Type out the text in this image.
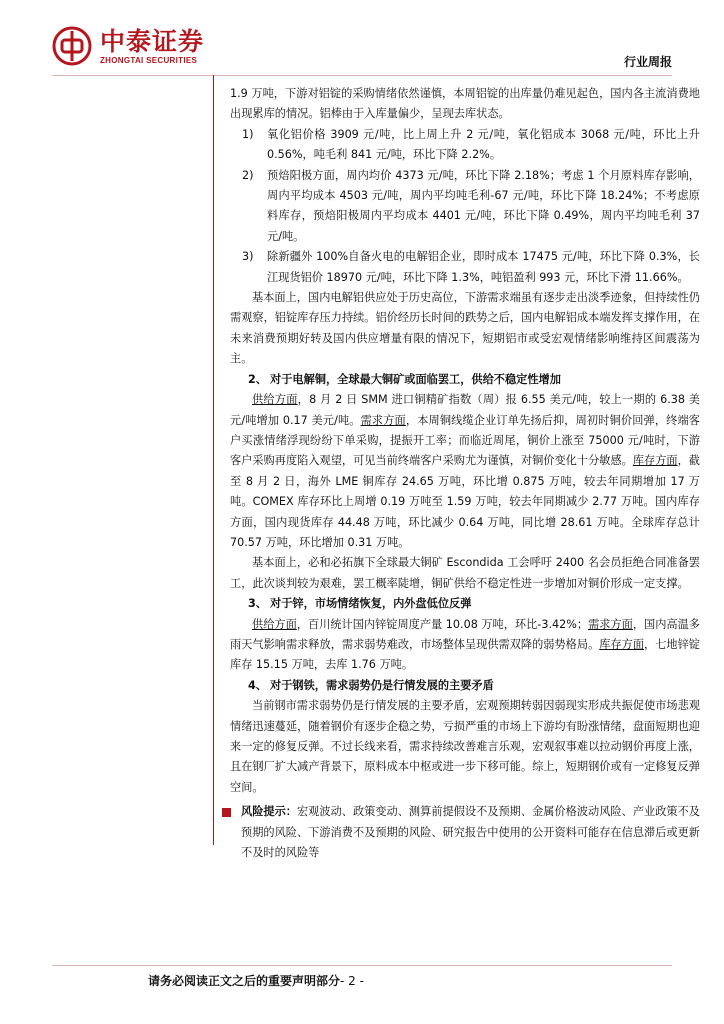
中泰证券
ZHONGTAI SECURITIES	行业周报

1.9 万吨，下游对铝锭的采购情绪依然谨慎，本周铝锭的出库量仍难见起色，国内各主流消费地出现累库的情况。铝棒由于入库量偏少，呈现去库状态。

1)	氧化铝价格 3909 元/吨，比上周上升 2 元/吨，氧化铝成本 3068 元/吨，环比上升 0.56%，吨毛利 841 元/吨，环比下降 2.2%。
2)	预焙阳极方面，周内均价 4373 元/吨，环比下降 2.18%；考虑 1 个月原料库存影响，周内平均成本 4503 元/吨，周内平均吨毛利-67 元/吨，环比下降 18.24%；不考虑原料库存，预焙阳极周内平均成本 4401 元/吨，环比下降 0.49%，周内平均吨毛利 37 元/吨。
3)	除新疆外 100%自备火电的电解铝企业，即时成本 17475 元/吨，环比下降 0.3%，长江现货铝价 18970 元/吨，环比下降 1.3%，吨铝盈利 993 元，环比下滑 11.66%。

基本面上，国内电解铝供应处于历史高位，下游需求端虽有逐步走出淡季迹象，但持续性仍需观察，铝锭库存压力持续。铝价经历长时间的跌势之后，国内电解铝成本端发挥支撑作用，在未来消费预期好转及国内供应增量有限的情况下，短期铝市或受宏观情绪影响维持区间震荡为主。

2、 对于电解铜，全球最大铜矿或面临罢工，供给不稳定性增加

供给方面，8 月 2 日 SMM 进口铜精矿指数（周）报 6.55 美元/吨，较上一期的 6.38 美元/吨增加 0.17 美元/吨。需求方面，本周铜线缆企业订单先扬后抑，周初时铜价回弹，终端客户买涨情绪浮现纷纷下单采购，提振开工率；而临近周尾，铜价上涨至 75000 元/吨时，下游客户采购再度陷入观望，可见当前终端客户采购尤为谨慎，对铜价变化十分敏感。库存方面，截至 8 月 2 日，海外 LME 铜库存 24.65 万吨，环比增 0.875 万吨，较去年同期增加 17 万吨。COMEX 库存环比上周增 0.19 万吨至 1.59 万吨，较去年同期减少 2.77 万吨。国内库存方面，国内现货库存 44.48 万吨，环比减少 0.64 万吨，同比增 28.61 万吨。全球库存总计 70.57 万吨，环比增加 0.31 万吨。

基本面上，必和必拓旗下全球最大铜矿 Escondida 工会呼吁 2400 名会员拒绝合同准备罢工，此次谈判较为艰难，罢工概率陡增，铜矿供给不稳定性进一步增加对铜价形成一定支撑。

3、 对于锌，市场情绪恢复，内外盘低位反弹

供给方面，百川统计国内锌锭周度产量 10.08 万吨，环比-3.42%；需求方面，国内高温多雨天气影响需求释放，需求弱势难改，市场整体呈现供需双降的弱势格局。库存方面，七地锌锭库存 15.15 万吨，去库 1.76 万吨。

4、 对于钢铁，需求弱势仍是行情发展的主要矛盾

当前钢市需求弱势仍是行情发展的主要矛盾，宏观预期转弱因弱现实形成共振促使市场悲观情绪迅速蔓延，随着钢价有逐步企稳之势，亏损严重的市场上下游均有盼涨情绪，盘面短期也迎来一定的修复反弹。不过长线来看，需求持续改善难言乐观，宏观叙事难以拉动钢价再度上涨，且在钢厂扩大减产背景下，原料成本中枢或进一步下移可能。综上，短期钢价或有一定修复反弹空间。

风险提示：宏观波动、政策变动、测算前提假设不及预期、金属价格波动风险、产业政策不及预期的风险、下游消费不及预期的风险、研究报告中使用的公开资料可能存在信息滞后或更新不及时的风险等

请务必阅读正文之后的重要声明部分- 2 -
